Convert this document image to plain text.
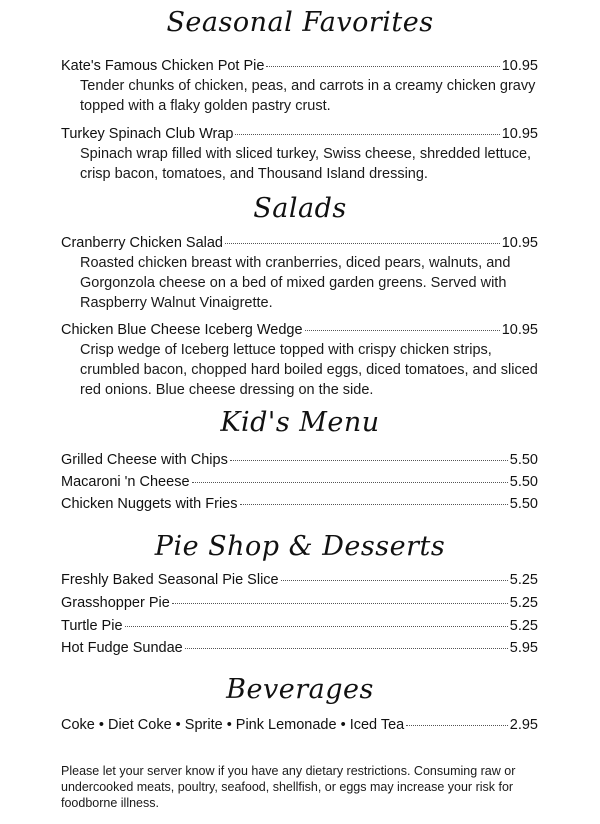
Seasonal Favorites
Kate's Famous Chicken Pot Pie	10.95
Tender chunks of chicken, peas, and carrots in a creamy chicken gravy topped with a flaky golden pastry crust.
Turkey Spinach Club Wrap	10.95
Spinach wrap filled with sliced turkey, Swiss cheese, shredded lettuce, crisp bacon, tomatoes, and Thousand Island dressing.
Salads
Cranberry Chicken Salad	10.95
Roasted chicken breast with cranberries, diced pears, walnuts, and Gorgonzola cheese on a bed of mixed garden greens. Served with Raspberry Walnut Vinaigrette.
Chicken Blue Cheese Iceberg Wedge	10.95
Crisp wedge of Iceberg lettuce topped with crispy chicken strips, crumbled bacon, chopped hard boiled eggs, diced tomatoes, and sliced red onions. Blue cheese dressing on the side.
Kid's Menu
Grilled Cheese with Chips	5.50
Macaroni 'n Cheese	5.50
Chicken Nuggets with Fries	5.50
Pie Shop & Desserts
Freshly Baked Seasonal Pie Slice	5.25
Grasshopper Pie	5.25
Turtle Pie	5.25
Hot Fudge Sundae	5.95
Beverages
Coke • Diet Coke • Sprite • Pink Lemonade • Iced Tea	2.95
Please let your server know if you have any dietary restrictions. Consuming raw or undercooked meats, poultry, seafood, shellfish, or eggs may increase your risk for foodborne illness.
